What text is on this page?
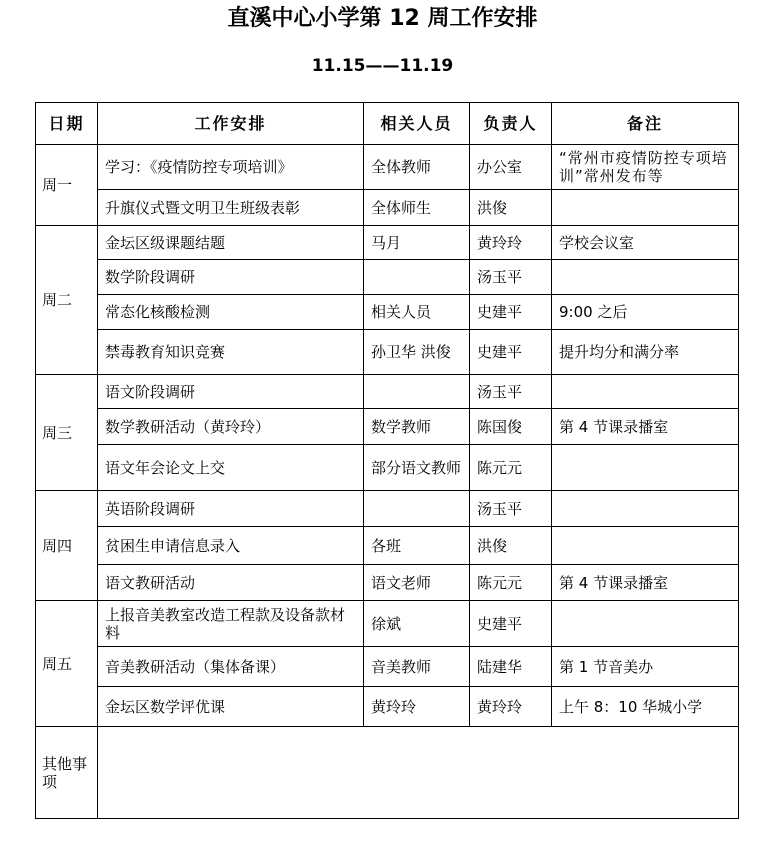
直溪中心小学第 12 周工作安排
11.15——11.19
日期	工作安排	相关人员	负责人	备注
周一	学习：《疫情防控专项培训》	全体教师	办公室	“常州市疫情防控专项培训”常州发布等
	升旗仪式暨文明卫生班级表彰	全体师生	洪俊	
周二	金坛区级课题结题	马月	黄玲玲	学校会议室
	数学阶段调研		汤玉平	
	常态化核酸检测	相关人员	史建平	9:00 之后
	禁毒教育知识竞赛	孙卫华 洪俊	史建平	提升均分和满分率
周三	语文阶段调研		汤玉平	
	数学教研活动（黄玲玲）	数学教师	陈国俊	第 4 节课录播室
	语文年会论文上交	部分语文教师	陈元元	
周四	英语阶段调研		汤玉平	
	贫困生申请信息录入	各班	洪俊	
	语文教研活动	语文老师	陈元元	第 4 节课录播室
周五	上报音美教室改造工程款及设备款材料	徐斌	史建平	
	音美教研活动（集体备课）	音美教师	陆建华	第 1 节音美办
	金坛区数学评优课	黄玲玲	黄玲玲	上午 8：10 华城小学
其他事项				
